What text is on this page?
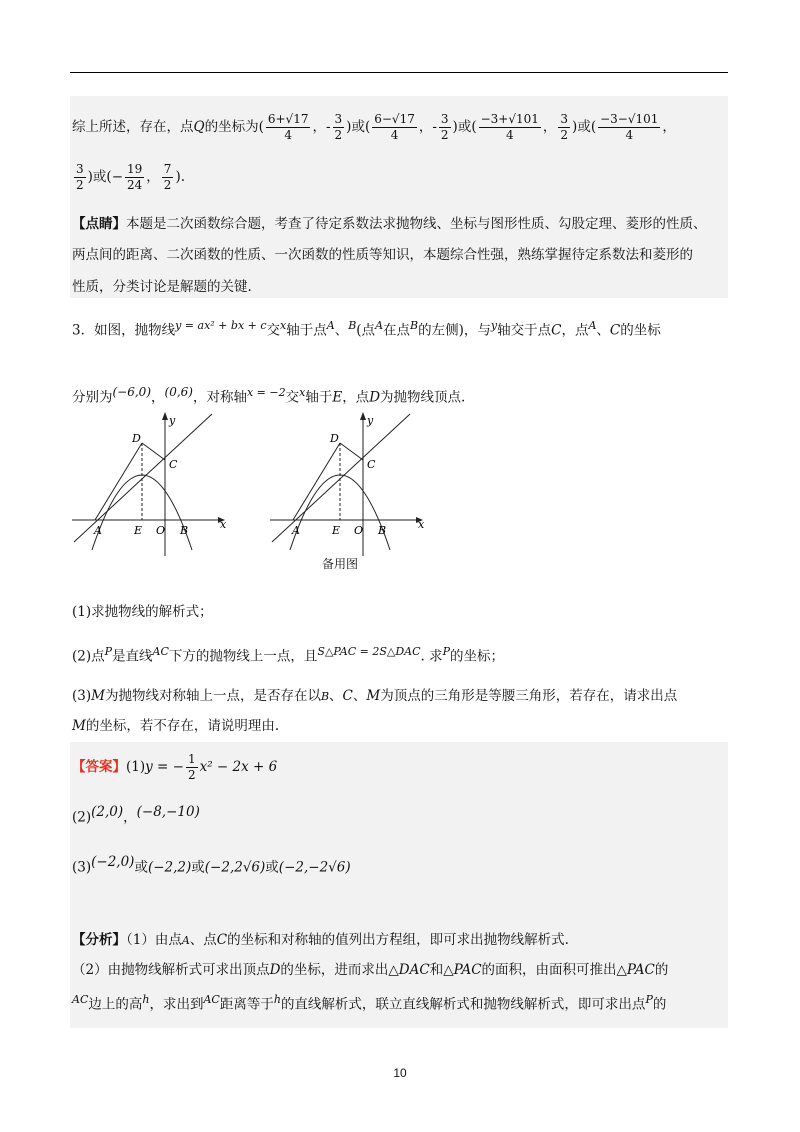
综上所述，存在，点Q的坐标为( $\frac{6+√17}{4}$ ，- $\frac{3}{2}$ )或( $\frac{6-√17}{4}$ ，- $\frac{3}{2}$ )或( $\frac{-3+√101}{4}$ ， $\frac{3}{2}$ )或( $\frac{-3-√101}{4}$ ，
$\frac{3}{2}$ )或(− $\frac{19}{24}$ ， $\frac{7}{2}$ ).
【点睛】本题是二次函数综合题，考查了待定系数法求抛物线、坐标与图形性质、勾股定理、菱形的性质、
两点间的距离、二次函数的性质、一次函数的性质等知识，本题综合性强，熟练掌握待定系数法和菱形的
性质，分类讨论是解题的关键.
3．如图，抛物线$^{y = ax^2 + bx + c}$交$^x$轴于点$^A$、$^B$(点$^A$在点$^B$的左侧)，与$^y$轴交于点C，点$^A$、C的坐标
分别为(−6,0)，(0,6)，对称轴$^{x = -2}$交$^x$轴于E，点D为抛物线顶点.
y
x
D
C
A	E O B
y
x
D
C
A	E O B
备用图
(1)求抛物线的解析式；
(2)点$^P$是直线$^{AC}$下方的抛物线上一点，且$^{S\triangle PAC = 2S\triangle DAC}$. 求$^P$的坐标；
(3)M为抛物线对称轴上一点，是否存在以B、C、M为顶点的三角形是等腰三角形，若存在，请求出点
M的坐标，若不存在，请说明理由.
【答案】(1)y = − $\frac{1}{2} x^2 - 2x + 6$
(2)(2,0)，(−8,−10)
(3)(−2,0)或(−2,2)或(−2,2√6)或(−2,−2√6)
【分析】（1）由点A、点C的坐标和对称轴的值列出方程组，即可求出抛物线解析式.
（2）由抛物线解析式可求出顶点D的坐标，进而求出△DAC和△PAC的面积，由面积可推出△PAC的
$^{AC}$边上的高$^h$，求出到$^{AC}$距离等于$^h$的直线解析式，联立直线解析式和抛物线解析式，即可求出点$^P$的
10
